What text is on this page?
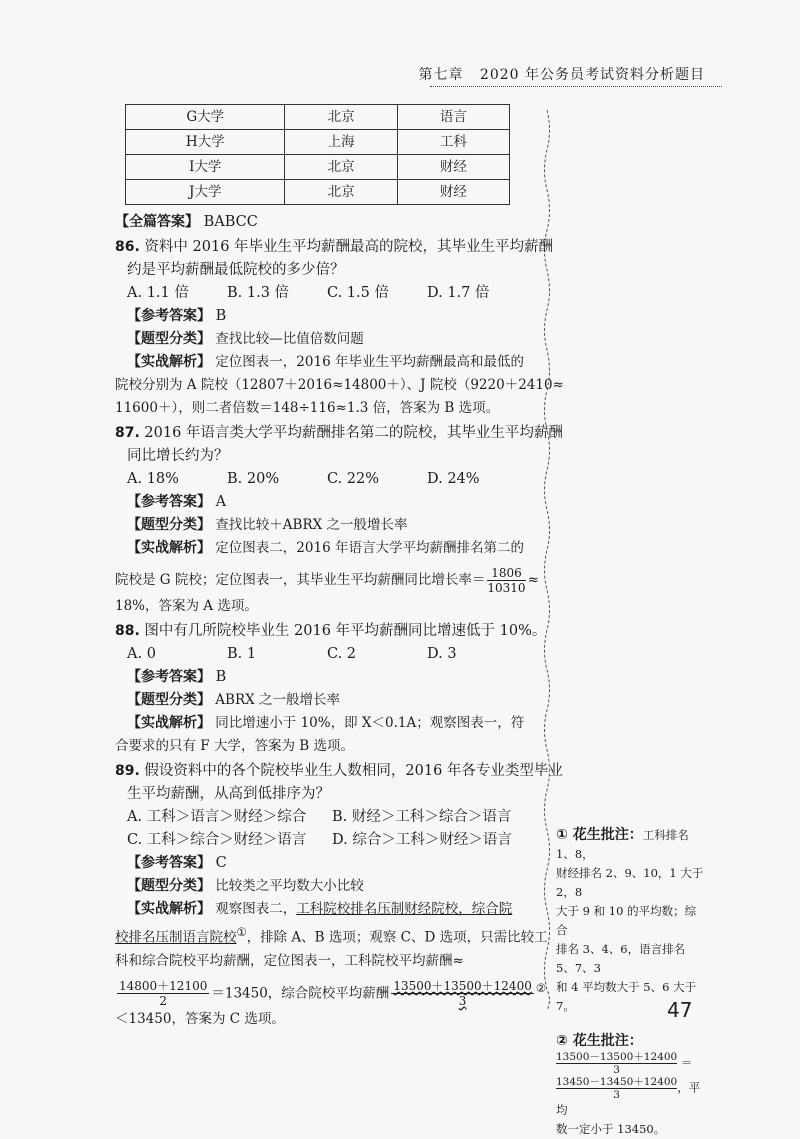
第七章 2020 年公务员考试资料分析题目
G大学	北京	语言
H大学	上海	工科
I大学	北京	财经
J大学	北京	财经
【全篇答案】 BABCC
86. 资料中 2016 年毕业生平均薪酬最高的院校，其毕业生平均薪酬
约是平均薪酬最低院校的多少倍？
A. 1.1 倍	B. 1.3 倍	C. 1.5 倍	D. 1.7 倍
【参考答案】 B
【题型分类】 查找比较—比值倍数问题
【实战解析】 定位图表一，2016 年毕业生平均薪酬最高和最低的
院校分别为 A 院校（12807＋2016≈14800＋）、J 院校（9220＋2410≈
11600＋），则二者倍数＝148÷116≈1.3 倍，答案为 B 选项。
87. 2016 年语言类大学平均薪酬排名第二的院校，其毕业生平均薪酬
同比增长约为？
A. 18%	B. 20%	C. 22%	D. 24%
【参考答案】 A
【题型分类】 查找比较＋ABRX 之一般增长率
【实战解析】 定位图表二，2016 年语言大学平均薪酬排名第二的
院校是 G 院校；定位图表一，其毕业生平均薪酬同比增长率＝ $\frac{1806}{10310}$ ≈
18%，答案为 A 选项。
88. 图中有几所院校毕业生 2016 年平均薪酬同比增速低于 10%。
A. 0	B. 1	C. 2	D. 3
【参考答案】 B
【题型分类】 ABRX 之一般增长率
【实战解析】 同比增速小于 10%，即 X＜0.1A；观察图表一，符
合要求的只有 F 大学，答案为 B 选项。
89. 假设资料中的各个院校毕业生人数相同，2016 年各专业类型毕业
生平均薪酬，从高到低排序为？
A. 工科＞语言＞财经＞综合	B. 财经＞工科＞综合＞语言
C. 工科＞综合＞财经＞语言	D. 综合＞工科＞财经＞语言
【参考答案】 C
【题型分类】 比较类之平均数大小比较
【实战解析】 观察图表二，工科院校排名压制财经院校，综合院
校排名压制语言院校①，排除 A、B 选项；观察 C、D 选项，只需比较工
科和综合院校平均薪酬，定位图表一，工科院校平均薪酬≈
$\frac{14800+12100}{2} =13450$，综合院校平均薪酬 $\frac{13500+13500+12400}{3} ^②$
＜13450，答案为 C 选项。
① 花生批注：工科排名 1、8，
财经排名 2、9、10，1 大于 2，8
大于 9 和 10 的平均数；综合
排名 3、4、6，语言排名 5、7、3
和 4 平均数大于 5、6 大于 7。
② 花生批注：
$\frac{13500-13500+12400}{3}$ ＝
$\frac{13450-13450+12400}{3}$，平均
数一定小于 13450。
47
